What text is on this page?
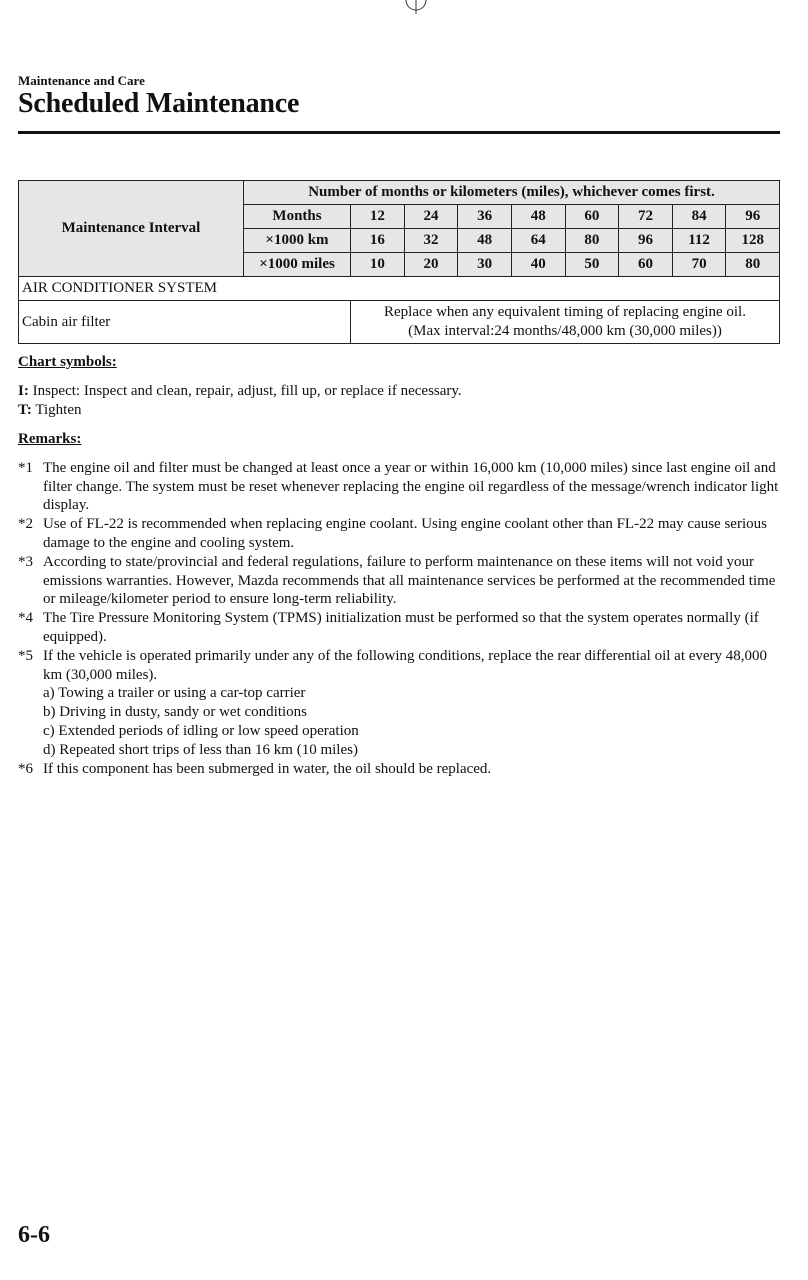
Maintenance and Care
Scheduled Maintenance
Maintenance Interval	Number of months or kilometers (miles), whichever comes first.								
	Months	12	24	36	48	60	72	84	96
	×1000 km	16	32	48	64	80	96	112	128
	×1000 miles	10	20	30	40	50	60	70	80
AIR CONDITIONER SYSTEM									
Cabin air filter		Replace when any equivalent timing of replacing engine oil.
(Max interval:24 months/48,000 km (30,000 miles))							
Chart symbols:
I: Inspect: Inspect and clean, repair, adjust, fill up, or replace if necessary.
T: Tighten
Remarks:
*1 The engine oil and filter must be changed at least once a year or within 16,000 km (10,000 miles) since last engine oil and filter change. The system must be reset whenever replacing the engine oil regardless of the message/wrench indicator light display.
*2 Use of FL-22 is recommended when replacing engine coolant. Using engine coolant other than FL-22 may cause serious damage to the engine and cooling system.
*3 According to state/provincial and federal regulations, failure to perform maintenance on these items will not void your emissions warranties. However, Mazda recommends that all maintenance services be performed at the recommended time or mileage/kilometer period to ensure long-term reliability.
*4 The Tire Pressure Monitoring System (TPMS) initialization must be performed so that the system operates normally (if equipped).
*5 If the vehicle is operated primarily under any of the following conditions, replace the rear differential oil at every 48,000 km (30,000 miles).
a) Towing a trailer or using a car-top carrier
b) Driving in dusty, sandy or wet conditions
c) Extended periods of idling or low speed operation
d) Repeated short trips of less than 16 km (10 miles)
*6 If this component has been submerged in water, the oil should be replaced.
6-6
